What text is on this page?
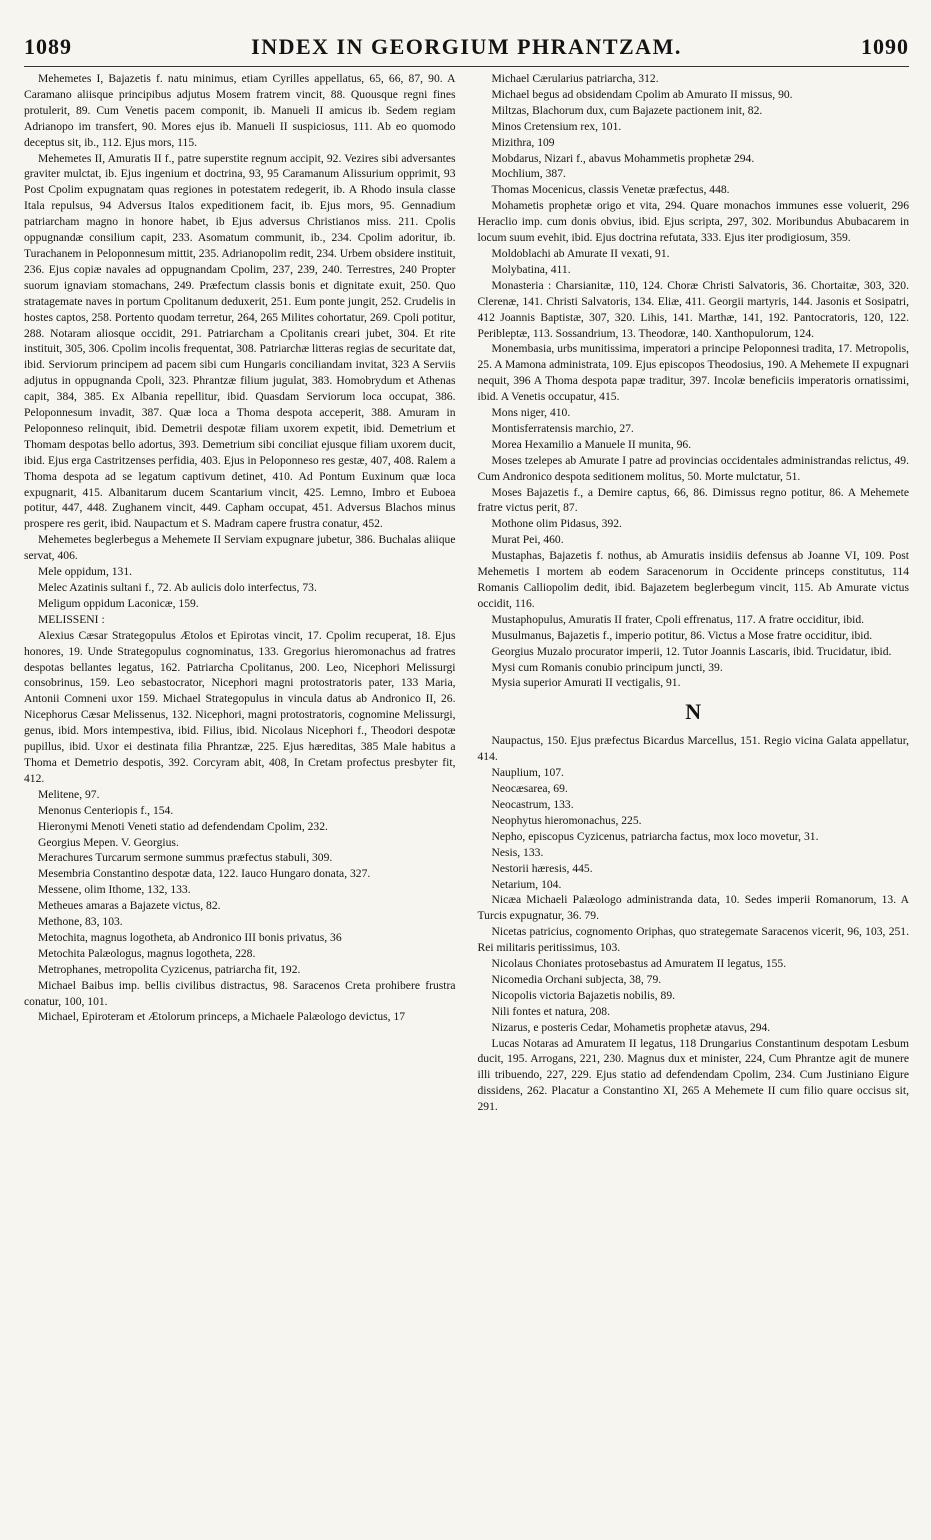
1089	INDEX IN GEORGIUM PHRANTZAM.	1090

Mehemetes I, Bajazetis f. natu minimus, etiam Cyrilles appellatus, 65, 66, 87, 90. A Caramano aliisque principibus adjutus Mosem fratrem vincit, 88. Quousque regni fines protulerit, 89. Cum Venetis pacem componit, ib. Manueli II amicus ib. Sedem regiam Adrianopo im transfert, 90. Mores ejus ib. Manueli II suspiciosus, 111. Ab eo quomodo deceptus sit, ib., 112. Ejus mors, 115.

Mehemetes II, Amuratis II f., patre superstite regnum accipit, 92. Vezires sibi adversantes graviter mulctat, ib. Ejus ingenium et doctrina, 93, 95 Caramanum Alissurium opprimit, 93 Post Cpolim expugnatam quas regiones in potestatem redegerit, ib. A Rhodo insula classe Itala repulsus, 94 Adversus Italos expeditionem facit, ib. Ejus mors, 95. Gennadium patriarcham magno in honore habet, ib Ejus adversus Christianos miss. 211. Cpolis oppugnandæ consilium capit, 233. Asomatum communit, ib., 234. Cpolim adoritur, ib. Turachanem in Peloponnesum mittit, 235. Adrianopolim redit, 234. Urbem obsidere instituit, 236. Ejus copiæ navales ad oppugnandam Cpolim, 237, 239, 240. Terrestres, 240 Propter suorum ignaviam stomachans, 249. Præfectum classis bonis et dignitate exuit, 250. Quo stratagemate naves in portum Cpolitanum deduxerit, 251. Eum ponte jungit, 252. Crudelis in hostes captos, 258. Portento quodam terretur, 264, 265 Milites cohortatur, 269. Cpoli potitur, 288. Notaram aliosque occidit, 291. Patriarcham a Cpolitanis creari jubet, 304. Et rite instituit, 305, 306. Cpolim incolis frequentat, 308. Patriarchæ litteras regias de securitate dat, ibid. Serviorum principem ad pacem sibi cum Hungaris conciliandam invitat, 323 A Serviis adjutus in oppugnanda Cpoli, 323. Phrantzæ filium jugulat, 383. Homobrydum et Athenas capit, 384, 385. Ex Albania repellitur, ibid. Quasdam Serviorum loca occupat, 386. Peloponnesum invadit, 387. Quæ loca a Thoma despota acceperit, 388. Amuram in Peloponneso relinquit, ibid. Demetrii despotæ filiam uxorem expetit, ibid. Demetrium et Thomam despotas bello adortus, 393. Demetrium sibi conciliat ejusque filiam uxorem ducit, ibid. Ejus erga Castritzenses perfidia, 403. Ejus in Peloponneso res gestæ, 407, 408. Ralem a Thoma despota ad se legatum captivum detinet, 410. Ad Pontum Euxinum quæ loca expugnarit, 415. Albanitarum ducem Scantarium vincit, 425. Lemno, Imbro et Euboea potitur, 447, 448. Zughanem vincit, 449. Capham occupat, 451. Adversus Blachos minus prospere res gerit, ibid. Naupactum et S. Madram capere frustra conatur, 452.

Mehemetes beglerbegus a Mehemete II Serviam expugnare jubetur, 386. Buchalas aliique servat, 406.

Mele oppidum, 131.

Melec Azatinis sultani f., 72. Ab aulicis dolo interfectus, 73.

Meligum oppidum Laconicæ, 159.

MELISSENI :

Alexius Cæsar Strategopulus Ætolos et Epirotas vincit, 17. Cpolim recuperat, 18. Ejus honores, 19. Unde Strategopulus cognominatus, 133. Gregorius hieromonachus ad fratres despotas bellantes legatus, 162. Patriarcha Cpolitanus, 200. Leo, Nicephori Melissurgi consobrinus, 159. Leo sebastocrator, Nicephori magni protostratoris pater, 133 Maria, Antonii Comneni uxor 159. Michael Strategopulus in vincula datus ab Andronico II, 26. Nicephorus Cæsar Melissenus, 132. Nicephori, magni protostratoris, cognomine Melissurgi, genus, ibid. Mors intempestiva, ibid. Filius, ibid. Nicolaus Nicephori f., Theodori despotæ pupillus, ibid. Uxor ei destinata filia Phrantzæ, 225. Ejus hæreditas, 385 Male habitus a Thoma et Demetrio despotis, 392. Corcyram abit, 408, In Cretam profectus presbyter fit, 412.

Melitene, 97.

Menonus Centeriopis f., 154.

Hieronymi Menoti Veneti statio ad defendendam Cpolim, 232.

Georgius Mepen. V. Georgius.

Merachures Turcarum sermone summus præfectus stabuli, 309.

Mesembria Constantino despotæ data, 122. Iauco Hungaro donata, 327.

Messene, olim Ithome, 132, 133.

Metheues amaras a Bajazete victus, 82.

Methone, 83, 103.

Metochita, magnus logotheta, ab Andronico III bonis privatus, 36

Metochita Palæologus, magnus logotheta, 228.

Metrophanes, metropolita Cyzicenus, patriarcha fit, 192.

Michael Baibus imp. bellis civilibus distractus, 98. Saracenos Creta prohibere frustra conatur, 100, 101.

Michael, Epiroteram et Ætolorum princeps, a Michaele Palæologo devictus, 17

Michael Cærularius patriarcha, 312.

Michael begus ad obsidendam Cpolim ab Amurato II missus, 90.

Miltzas, Blachorum dux, cum Bajazete pactionem init, 82.

Minos Cretensium rex, 101.

Mizithra, 109

Mobdarus, Nizari f., abavus Mohammetis prophetæ 294.

Mochlium, 387.

Thomas Mocenicus, classis Venetæ præfectus, 448.

Mohametis prophetæ origo et vita, 294. Quare monachos immunes esse voluerit, 296 Heraclio imp. cum donis obvius, ibid. Ejus scripta, 297, 302. Moribundus Abubacarem in locum suum evehit, ibid. Ejus doctrina refutata, 333. Ejus iter prodigiosum, 359.

Moldoblachi ab Amurate II vexati, 91.

Molybatina, 411.

Monasteria : Charsianitæ, 110, 124. Choræ Christi Salvatoris, 36. Chortaitæ, 303, 320. Clerenæ, 141. Christi Salvatoris, 134. Eliæ, 411. Georgii martyris, 144. Jasonis et Sosipatri, 412 Joannis Baptistæ, 307, 320. Lihis, 141. Marthæ, 141, 192. Pantocratoris, 120, 122. Peribleptæ, 113. Sossandrium, 13. Theodoræ, 140. Xanthopulorum, 124.

Monembasia, urbs munitissima, imperatori a principe Peloponnesi tradita, 17. Metropolis, 25. A Mamona administrata, 109. Ejus episcopos Theodosius, 190. A Mehemete II expugnari nequit, 396 A Thoma despota papæ traditur, 397. Incolæ beneficiis imperatoris ornatissimi, ibid. A Venetis occupatur, 415.

Mons niger, 410.

Montisferratensis marchio, 27.

Morea Hexamilio a Manuele II munita, 96.

Moses tzelepes ab Amurate I patre ad provincias occidentales administrandas relictus, 49. Cum Andronico despota seditionem molitus, 50. Morte mulctatur, 51.

Moses Bajazetis f., a Demire captus, 66, 86. Dimissus regno potitur, 86. A Mehemete fratre victus perit, 87.

Mothone olim Pidasus, 392.

Murat Pei, 460.

Mustaphas, Bajazetis f. nothus, ab Amuratis insidiis defensus ab Joanne VI, 109. Post Mehemetis I mortem ab eodem Saracenorum in Occidente princeps constitutus, 114 Romanis Calliopolim dedit, ibid. Bajazetem beglerbegum vincit, 115. Ab Amurate victus occidit, 116.

Mustaphopulus, Amuratis II frater, Cpoli effrenatus, 117. A fratre occiditur, ibid.

Musulmanus, Bajazetis f., imperio potitur, 86. Victus a Mose fratre occiditur, ibid.

Georgius Muzalo procurator imperii, 12. Tutor Joannis Lascaris, ibid. Trucidatur, ibid.

Mysi cum Romanis conubio principum juncti, 39.

Mysia superior Amurati II vectigalis, 91.

N

Naupactus, 150. Ejus præfectus Bicardus Marcellus, 151. Regio vicina Galata appellatur, 414.

Nauplium, 107.

Neocæsarea, 69.

Neocastrum, 133.

Neophytus hieromonachus, 225.

Nepho, episcopus Cyzicenus, patriarcha factus, mox loco movetur, 31.

Nesis, 133.

Nestorii hæresis, 445.

Netarium, 104.

Nicæa Michaeli Palæologo administranda data, 10. Sedes imperii Romanorum, 13. A Turcis expugnatur, 36. 79.

Nicetas patricius, cognomento Oriphas, quo strategemate Saracenos vicerit, 96, 103, 251. Rei militaris peritissimus, 103.

Nicolaus Choniates protosebastus ad Amuratem II legatus, 155.

Nicomedia Orchani subjecta, 38, 79.

Nicopolis victoria Bajazetis nobilis, 89.

Nili fontes et natura, 208.

Nizarus, e posteris Cedar, Mohametis prophetæ atavus, 294.

Lucas Notaras ad Amuratem II legatus, 118 Drungarius Constantinum despotam Lesbum ducit, 195. Arrogans, 221, 230. Magnus dux et minister, 224, Cum Phrantze agit de munere illi tribuendo, 227, 229. Ejus statio ad defendendam Cpolim, 234. Cum Justiniano Eigure dissidens, 262. Placatur a Constantino XI, 265 A Mehemete II cum filio quare occisus sit, 291.
